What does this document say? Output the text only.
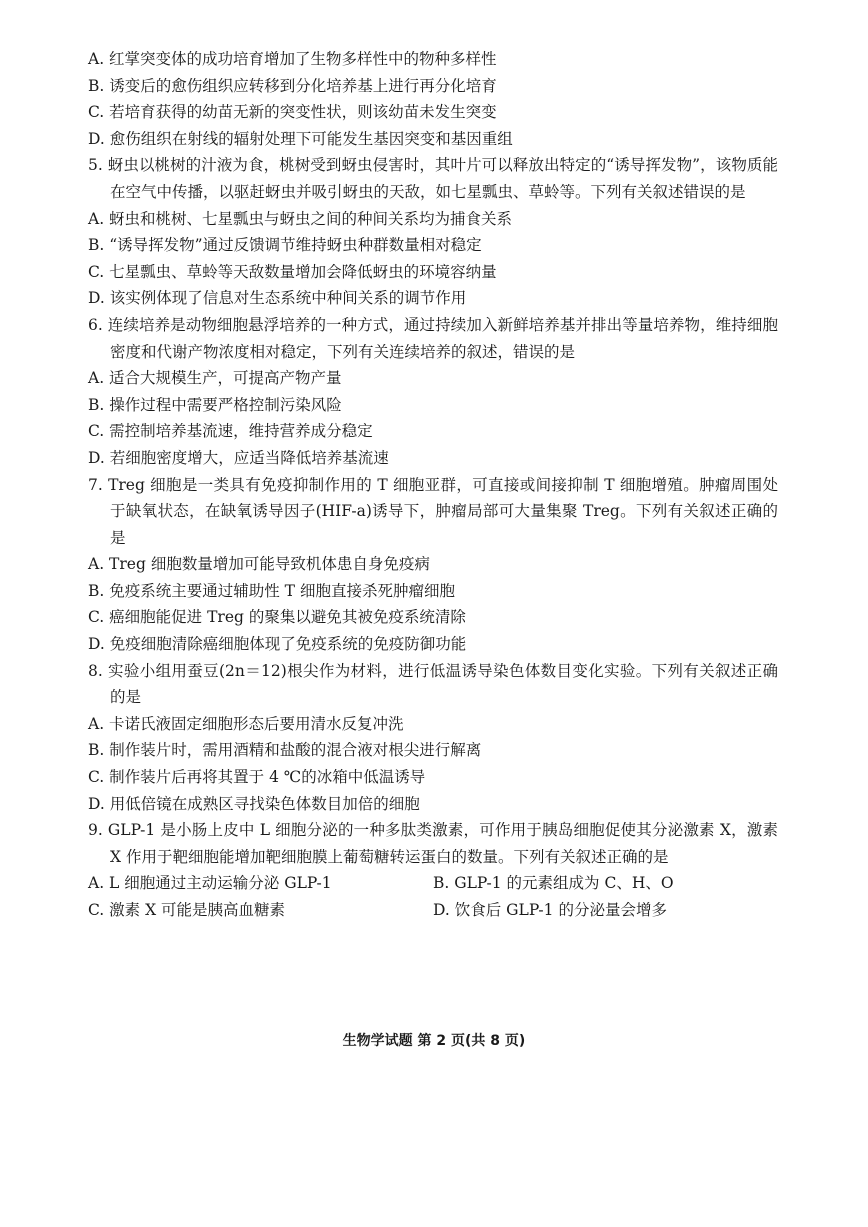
A. 红掌突变体的成功培育增加了生物多样性中的物种多样性
B. 诱变后的愈伤组织应转移到分化培养基上进行再分化培育
C. 若培育获得的幼苗无新的突变性状，则该幼苗未发生突变
D. 愈伤组织在射线的辐射处理下可能发生基因突变和基因重组
5. 蚜虫以桃树的汁液为食，桃树受到蚜虫侵害时，其叶片可以释放出特定的“诱导挥发物”，该物质能在空气中传播，以驱赶蚜虫并吸引蚜虫的天敌，如七星瓢虫、草蛉等。下列有关叙述错误的是
A. 蚜虫和桃树、七星瓢虫与蚜虫之间的种间关系均为捕食关系
B. “诱导挥发物”通过反馈调节维持蚜虫种群数量相对稳定
C. 七星瓢虫、草蛉等天敌数量增加会降低蚜虫的环境容纳量
D. 该实例体现了信息对生态系统中种间关系的调节作用
6. 连续培养是动物细胞悬浮培养的一种方式，通过持续加入新鲜培养基并排出等量培养物，维持细胞密度和代谢产物浓度相对稳定，下列有关连续培养的叙述，错误的是
A. 适合大规模生产，可提高产物产量
B. 操作过程中需要严格控制污染风险
C. 需控制培养基流速，维持营养成分稳定
D. 若细胞密度增大，应适当降低培养基流速
7. Treg 细胞是一类具有免疫抑制作用的 T 细胞亚群，可直接或间接抑制 T 细胞增殖。肿瘤周围处于缺氧状态，在缺氧诱导因子(HIF-a)诱导下，肿瘤局部可大量集聚 Treg。下列有关叙述正确的是
A. Treg 细胞数量增加可能导致机体患自身免疫病
B. 免疫系统主要通过辅助性 T 细胞直接杀死肿瘤细胞
C. 癌细胞能促进 Treg 的聚集以避免其被免疫系统清除
D. 免疫细胞清除癌细胞体现了免疫系统的免疫防御功能
8. 实验小组用蚕豆(2n＝12)根尖作为材料，进行低温诱导染色体数目变化实验。下列有关叙述正确的是
A. 卡诺氏液固定细胞形态后要用清水反复冲洗
B. 制作装片时，需用酒精和盐酸的混合液对根尖进行解离
C. 制作装片后再将其置于 4 ℃的冰箱中低温诱导
D. 用低倍镜在成熟区寻找染色体数目加倍的细胞
9. GLP-1 是小肠上皮中 L 细胞分泌的一种多肽类激素，可作用于胰岛细胞促使其分泌激素 X，激素 X 作用于靶细胞能增加靶细胞膜上葡萄糖转运蛋白的数量。下列有关叙述正确的是
A. L 细胞通过主动运输分泌 GLP-1	B. GLP-1 的元素组成为 C、H、O
C. 激素 X 可能是胰高血糖素	D. 饮食后 GLP-1 的分泌量会增多
生物学试题 第 2 页(共 8 页)
